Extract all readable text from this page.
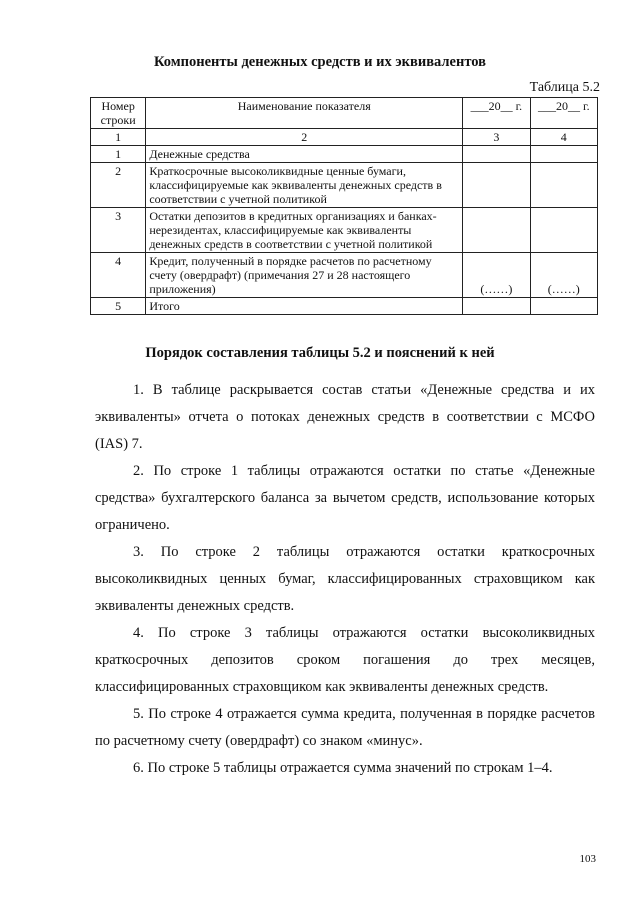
Компоненты денежных средств и их эквивалентов
Таблица 5.2
Номер строки	Наименование показателя	___20__ г.	___20__ г.
1	2	3	4
1	Денежные средства		
2	Краткосрочные высоколиквидные ценные бумаги, классифицируемые как эквиваленты денежных средств в соответствии с учетной политикой		
3	Остатки депозитов в кредитных организациях и банках-нерезидентах, классифицируемые как эквиваленты денежных средств в соответствии с учетной политикой		
4	Кредит, полученный в порядке расчетов по расчетному счету (овердрафт) (примечания 27 и 28 настоящего приложения)	(……)	(……)
5	Итого		
Порядок составления таблицы 5.2 и пояснений к ней

1. В таблице раскрывается состав статьи «Денежные средства и их эквиваленты» отчета о потоках денежных средств в соответствии с МСФО (IAS) 7.

2. По строке 1 таблицы отражаются остатки по статье «Денежные средства» бухгалтерского баланса за вычетом средств, использование которых ограничено.

3. По строке 2 таблицы отражаются остатки краткосрочных высоколиквидных ценных бумаг, классифицированных страховщиком как эквиваленты денежных средств.

4. По строке 3 таблицы отражаются остатки высоколиквидных краткосрочных депозитов сроком погашения до трех месяцев, классифицированных страховщиком как эквиваленты денежных средств.

5. По строке 4 отражается сумма кредита, полученная в порядке расчетов по расчетному счету (овердрафт) со знаком «минус».

6. По строке 5 таблицы отражается сумма значений по строкам 1–4.

103
